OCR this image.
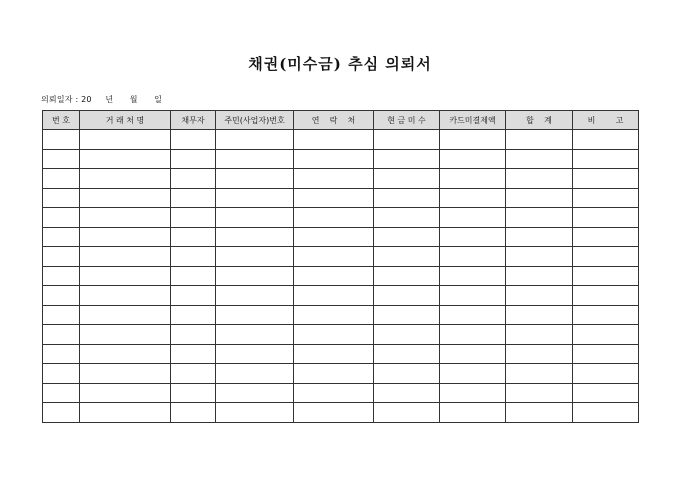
채권(미수금) 추심 의뢰서
의뢰일자 : 20     년      월      일
번 호	거 래 처 명	채무자	주민(사업자)번호	연    락    처	현 금 미 수	카드미결제액	합    계	비        고
